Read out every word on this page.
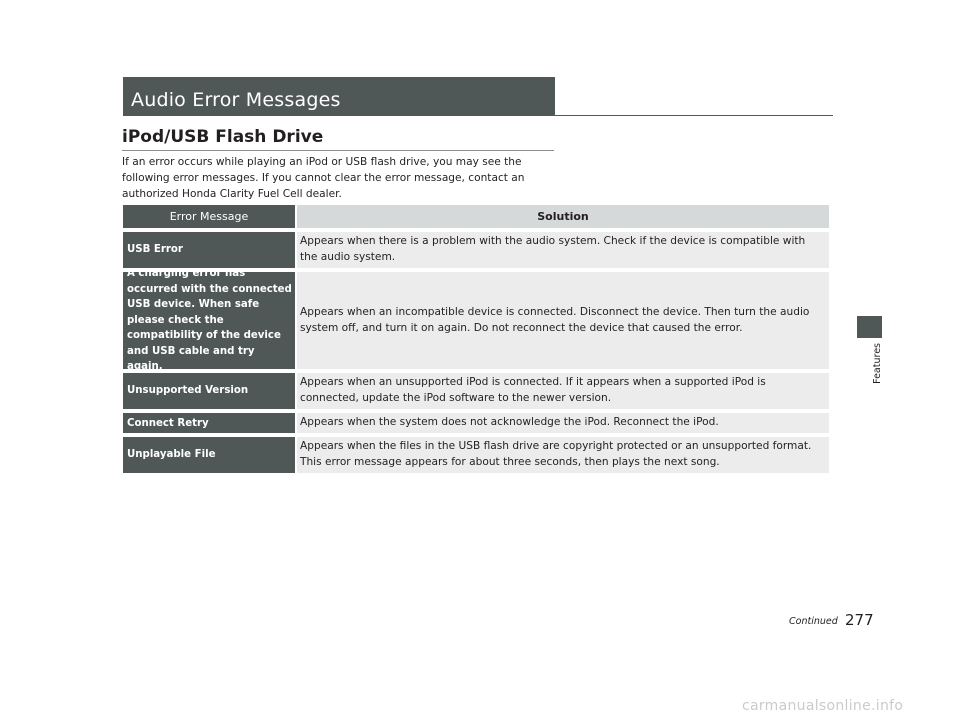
Audio Error Messages
iPod/USB Flash Drive
If an error occurs while playing an iPod or USB flash drive, you may see the following error messages. If you cannot clear the error message, contact an authorized Honda Clarity Fuel Cell dealer.
Error Message	Solution
USB Error
Appears when there is a problem with the audio system. Check if the device is compatible with the audio system.
A charging error has occurred with the connected USB device. When safe please check the compatibility of the device and USB cable and try again.
Appears when an incompatible device is connected. Disconnect the device. Then turn the audio system off, and turn it on again. Do not reconnect the device that caused the error.
Unsupported Version
Appears when an unsupported iPod is connected. If it appears when a supported iPod is connected, update the iPod software to the newer version.
Connect Retry	Appears when the system does not acknowledge the iPod. Reconnect the iPod.
Unplayable File
Appears when the files in the USB flash drive are copyright protected or an unsupported format. This error message appears for about three seconds, then plays the next song.
Features
Continued 277
carmanualsonline.info
